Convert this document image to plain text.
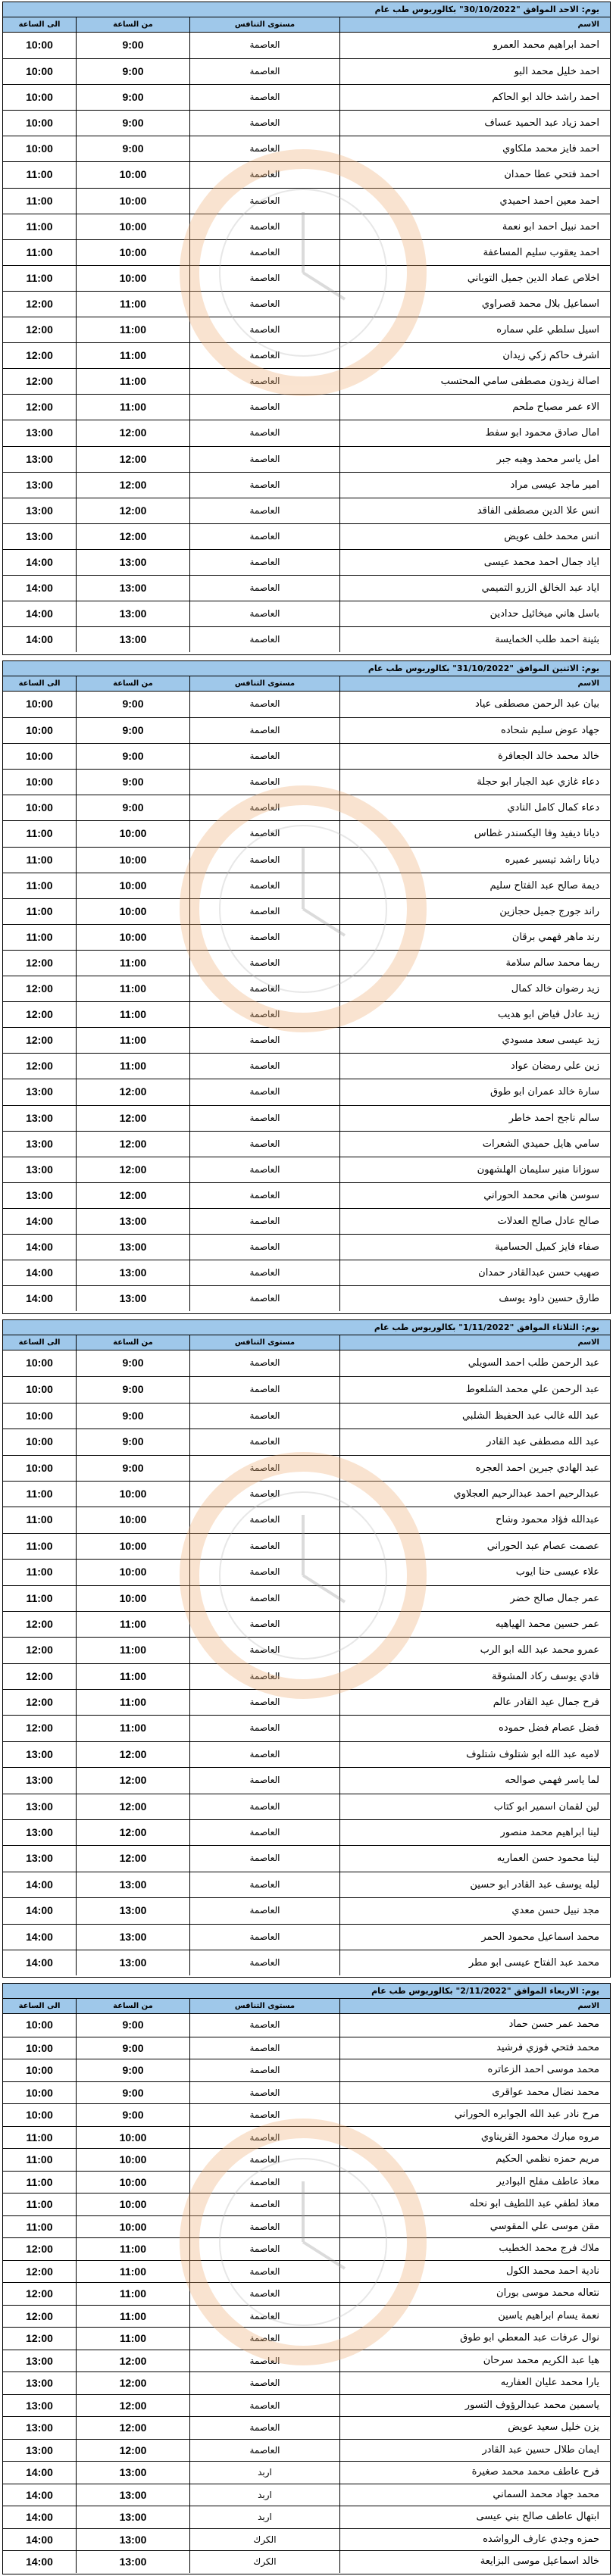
يوم: الاحد الموافق "30/10/2022" بكالوريوس طب عام
الى الساعة	من الساعة	مستوى التنافس	الاسم
10:00	9:00	العاصمة	احمد ابراهيم محمد العمرو
10:00	9:00	العاصمة	احمد خليل محمد البو
10:00	9:00	العاصمة	احمد راشد خالد ابو الحاكم
10:00	9:00	العاصمة	احمد زياد عبد الحميد عساف
10:00	9:00	العاصمة	احمد فايز محمد ملكاوي
11:00	10:00	العاصمة	احمد فتحي عطا حمدان
11:00	10:00	العاصمة	احمد معين احمد احميدي
11:00	10:00	العاصمة	احمد نبيل احمد ابو نعمة
11:00	10:00	العاصمة	احمد يعقوب سليم المساعفة
11:00	10:00	العاصمة	اخلاص عماد الدين جميل التوباني
12:00	11:00	العاصمة	اسماعيل بلال محمد قصراوي
12:00	11:00	العاصمة	اسيل سلطي علي سماره
12:00	11:00	العاصمة	اشرف حاكم زكي زيدان
12:00	11:00	العاصمة	اصالة زيدون مصطفى سامي المحتسب
12:00	11:00	العاصمة	الاء عمر مصباح ملحم
13:00	12:00	العاصمة	امال صادق محمود ابو سفط
13:00	12:00	العاصمة	امل ياسر محمد وهبه جبر
13:00	12:00	العاصمة	امير ماجد عيسى مراد
13:00	12:00	العاصمة	انس علا الدين مصطفى الفاقد
13:00	12:00	العاصمة	انس محمد خلف عويض
14:00	13:00	العاصمة	اياد جمال احمد محمد عيسى
14:00	13:00	العاصمة	اياد عبد الخالق الزرو التميمي
14:00	13:00	العاصمة	باسل هاني ميخائيل حدادين
14:00	13:00	العاصمة	بثينة احمد طلب الخمايسة
يوم: الاثنين الموافق "31/10/2022" بكالوريوس طب عام
الى الساعة	من الساعة	مستوى التنافس	الاسم
10:00	9:00	العاصمة	بيان عبد الرحمن مصطفى عياد
10:00	9:00	العاصمة	جهاد عوض سليم شحاده
10:00	9:00	العاصمة	خالد محمد خالد الجعافرة
10:00	9:00	العاصمة	دعاء غازي عبد الجبار ابو حجلة
10:00	9:00	العاصمة	دعاء كمال كامل النادي
11:00	10:00	العاصمة	ديانا ديفيد وفا اليكسندر غطاس
11:00	10:00	العاصمة	ديانا راشد تيسير عميره
11:00	10:00	العاصمة	ديمة صالح عبد الفتاح سليم
11:00	10:00	العاصمة	راند جورج جميل حجازين
11:00	10:00	العاصمة	رند ماهر فهمي برقان
12:00	11:00	العاصمة	ريما محمد سالم سلامة
12:00	11:00	العاصمة	زيد رضوان خالد كمال
12:00	11:00	العاصمة	زيد عادل فياض ابو هديب
12:00	11:00	العاصمة	زيد عيسى سعد مسودي
12:00	11:00	العاصمة	زين علي رمضان عواد
13:00	12:00	العاصمة	سارة خالد عمران ابو طوق
13:00	12:00	العاصمة	سالم ناجح احمد خاطر
13:00	12:00	العاصمة	سامي هايل حميدي الشعرات
13:00	12:00	العاصمة	سوزانا منير سليمان الهلشهون
13:00	12:00	العاصمة	سوسن هاني محمد الحوراني
14:00	13:00	العاصمة	صالح عادل صالح العدلات
14:00	13:00	العاصمة	صفاء فايز كميل الحسامية
14:00	13:00	العاصمة	صهيب حسن عبدالقادر حمدان
14:00	13:00	العاصمة	طارق حسين داود يوسف
يوم: الثلاثاء الموافق "1/11/2022" بكالوريوس طب عام
الى الساعة	من الساعة	مستوى التنافس	الاسم
10:00	9:00	العاصمة	عبد الرحمن طلب احمد السويلي
10:00	9:00	العاصمة	عبد الرحمن علي محمد الشلعوط
10:00	9:00	العاصمة	عبد الله غالب عبد الحفيظ الشلبي
10:00	9:00	العاصمة	عبد الله مصطفى عبد القادر
10:00	9:00	العاصمة	عبد الهادي جبرين احمد العجره
11:00	10:00	العاصمة	عبدالرحيم احمد عبدالرحيم العجلاوي
11:00	10:00	العاصمة	عبدالله فؤاد محمود وشاح
11:00	10:00	العاصمة	عصمت عصام عبد الحوراني
11:00	10:00	العاصمة	علاء عيسى حنا ايوب
11:00	10:00	العاصمة	عمر جمال صالح خضر
12:00	11:00	العاصمة	عمر حسين محمد الهياهيه
12:00	11:00	العاصمة	عمرو محمد عبد الله ابو الرب
12:00	11:00	العاصمة	فادي يوسف ركاد المشوقة
12:00	11:00	العاصمة	فرح جمال عيد القادر عالم
12:00	11:00	العاصمة	فضل عصام فضل حموده
13:00	12:00	العاصمة	لاميه عبد الله ابو شتلوف شتلوف
13:00	12:00	العاصمة	لما ياسر فهمي صوالحه
13:00	12:00	العاصمة	لين لقمان اسمير ابو كتاب
13:00	12:00	العاصمة	لينا ابراهيم محمد منصور
13:00	12:00	العاصمة	لينا محمود حسن العماريه
14:00	13:00	العاصمة	ليله يوسف عبد القادر ابو حسين
14:00	13:00	العاصمة	مجد نبيل حسن معدي
14:00	13:00	العاصمة	محمد اسماعيل محمود الحمر
14:00	13:00	العاصمة	محمد عبد الفتاح عيسى ابو مطر
يوم: الاربعاء الموافق "2/11/2022" بكالوريوس طب عام
الى الساعة	من الساعة	مستوى التنافس	الاسم
10:00	9:00	العاصمة	محمد عمر حسن حماد
10:00	9:00	العاصمة	محمد فتحي فوزي فرشيد
10:00	9:00	العاصمة	محمد موسى احمد الزعاتره
10:00	9:00	العاصمة	محمد نضال محمد عواقرى
10:00	9:00	العاصمة	مرح نادر عبد الله الجوابره الحوراني
11:00	10:00	العاصمة	مروه مبارك محمود القريناوي
11:00	10:00	العاصمة	مريم حمزه نظمي الحكيم
11:00	10:00	العاصمة	معاذ عاطف مفلح البوادير
11:00	10:00	العاصمة	معاذ لطفي عبد اللطيف ابو نحله
11:00	10:00	العاصمة	مقن موسى علي المقوسي
12:00	11:00	العاصمة	ملاك فرج محمد الخطيب
12:00	11:00	العاصمة	نادية احمد محمد الكول
12:00	11:00	العاصمة	نتعاله محمد موسى بوران
12:00	11:00	العاصمة	نعمة يسام ابراهيم ياسين
12:00	11:00	العاصمة	نوال عرفات عبد المعطي ابو طوق
13:00	12:00	العاصمة	هيا عبد الكريم محمد سرحان
13:00	12:00	العاصمة	يارا محمد عليان العفاريه
13:00	12:00	العاصمة	ياسمين محمد عبدالرؤوف التسور
13:00	12:00	العاصمة	يزن خليل سعيد عويض
13:00	12:00	العاصمة	ايمان طلال حسين عبد القادر
14:00	13:00	اربد	فرح عاطف محمد محمد صغيرة
14:00	13:00	اربد	محمد جهاد محمد السماني
14:00	13:00	اربد	ابتهال عاطف صالح بني عيسى
14:00	13:00	الكرك	حمزه وجدي عارف الرواشده
14:00	13:00	الكرك	خالد اسماعيل موسى البزايعة
